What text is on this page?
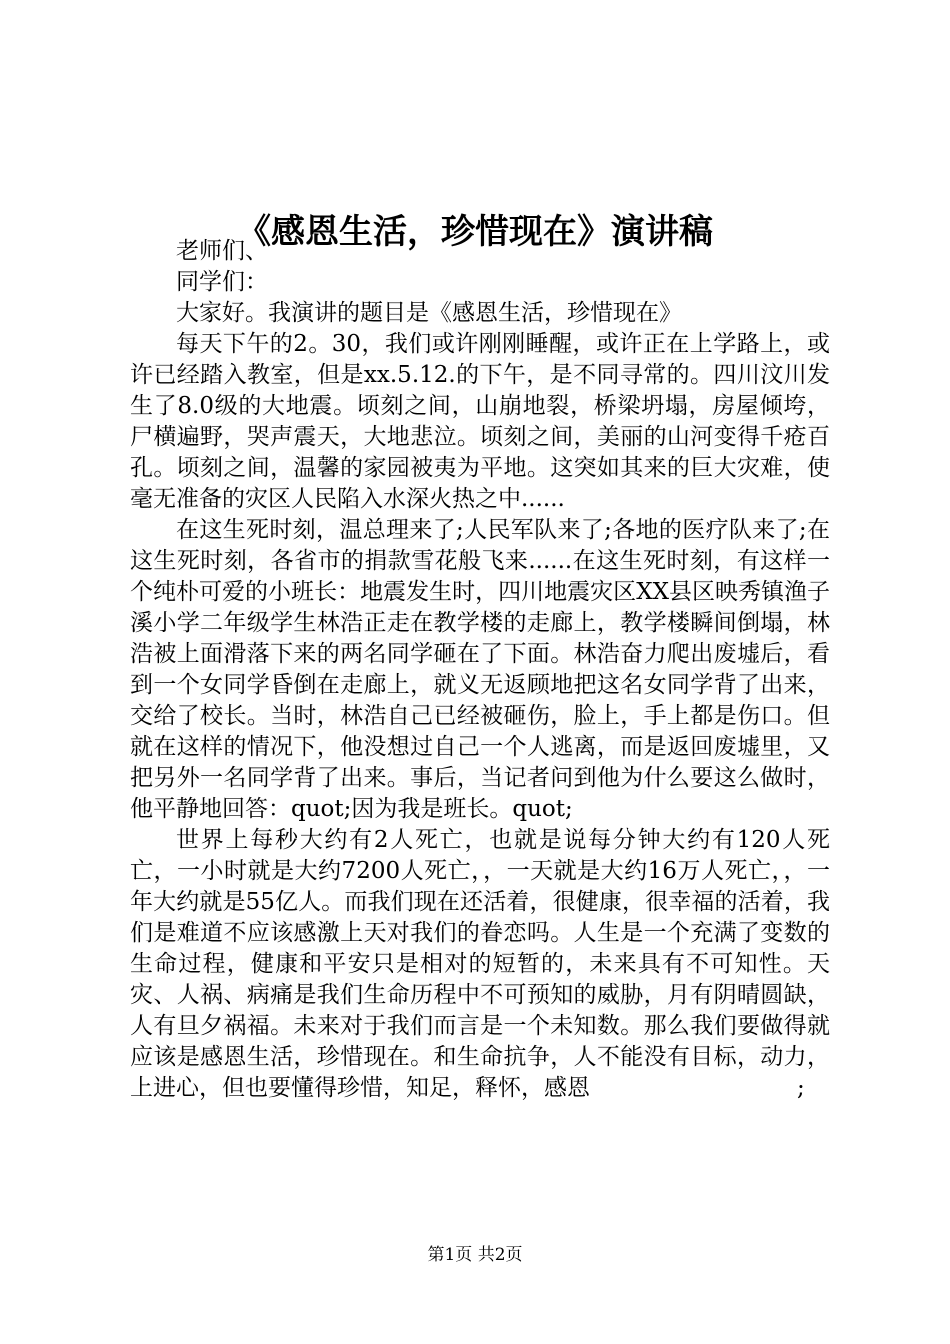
《感恩生活，珍惜现在》演讲稿

老师们、

同学们：

大家好。我演讲的题目是《感恩生活，珍惜现在》

每天下午的2。30，我们或许刚刚睡醒，或许正在上学路上，或许已经踏入教室，但是xx.5.12.的下午，是不同寻常的。四川汶川发生了8.0级的大地震。顷刻之间，山崩地裂，桥梁坍塌，房屋倾垮，尸横遍野，哭声震天，大地悲泣。顷刻之间，美丽的山河变得千疮百孔。顷刻之间，温馨的家园被夷为平地。这突如其来的巨大灾难，使毫无准备的灾区人民陷入水深火热之中......

在这生死时刻，温总理来了;人民军队来了;各地的医疗队来了;在这生死时刻，各省市的捐款雪花般飞来......在这生死时刻，有这样一个纯朴可爱的小班长：地震发生时，四川地震灾区XX县区映秀镇渔子溪小学二年级学生林浩正走在教学楼的走廊上，教学楼瞬间倒塌，林浩被上面滑落下来的两名同学砸在了下面。林浩奋力爬出废墟后，看到一个女同学昏倒在走廊上，就义无返顾地把这名女同学背了出来，交给了校长。当时，林浩自己已经被砸伤，脸上，手上都是伤口。但就在这样的情况下，他没想过自己一个人逃离，而是返回废墟里，又把另外一名同学背了出来。事后，当记者问到他为什么要这么做时，他平静地回答：quot;因为我是班长。quot;

世界上每秒大约有2人死亡，也就是说每分钟大约有120人死亡，一小时就是大约7200人死亡，，一天就是大约16万人死亡，，一年大约就是55亿人。而我们现在还活着，很健康，很幸福的活着，我们是难道不应该感激上天对我们的眷恋吗。人生是一个充满了变数的生命过程，健康和平安只是相对的短暂的，未来具有不可知性。天灾、人祸、病痛是我们生命历程中不可预知的威胁，月有阴晴圆缺，人有旦夕祸福。未来对于我们而言是一个未知数。那么我们要做得就应该是感恩生活，珍惜现在。和生命抗争，人不能没有目标，动力，上进心，但也要懂得珍惜，知足，释怀，感恩　　　　　　　　　;

第1页 共2页
